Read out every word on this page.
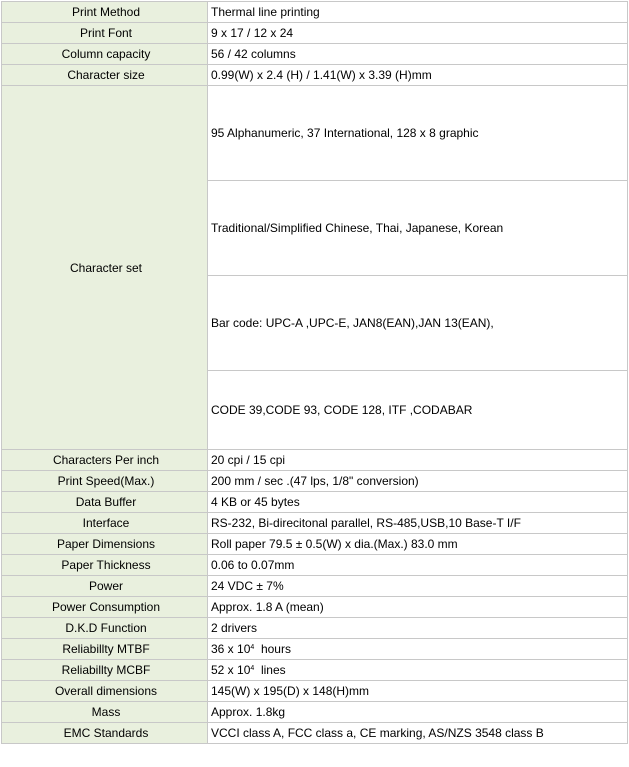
Print Method	Thermal line printing
Print Font	9 x 17 / 12 x 24
Column capacity	56 / 42 columns
Character size	0.99(W) x 2.4 (H) / 1.41(W) x 3.39 (H)mm
Character set	95 Alphanumeric, 37 International, 128 x 8 graphic
	Traditional/Simplified Chinese, Thai, Japanese, Korean
	Bar code: UPC-A ,UPC-E, JAN8(EAN),JAN 13(EAN),
	CODE 39,CODE 93, CODE 128, ITF ,CODABAR
Characters Per inch	20 cpi / 15 cpi
Print Speed(Max.)	200 mm / sec .(47 lps, 1/8" conversion)
Data Buffer	4 KB or 45 bytes
Interface	RS-232, Bi-direcitonal parallel, RS-485,USB,10 Base-T I/F
Paper Dimensions	Roll paper 79.5 ± 0.5(W) x dia.(Max.) 83.0 mm
Paper Thickness	0.06 to 0.07mm
Power	24 VDC ± 7%
Power Consumption	Approx. 1.8 A (mean)
D.K.D Function	2 drivers
Reliabillty MTBF	36 x $10^4$  hours
Reliabillty MCBF	52 x $10^4$  lines
Overall dimensions	145(W) x 195(D) x 148(H)mm
Mass	Approx. 1.8kg
EMC Standards	VCCI class A, FCC class a, CE marking, AS/NZS 3548 class B
